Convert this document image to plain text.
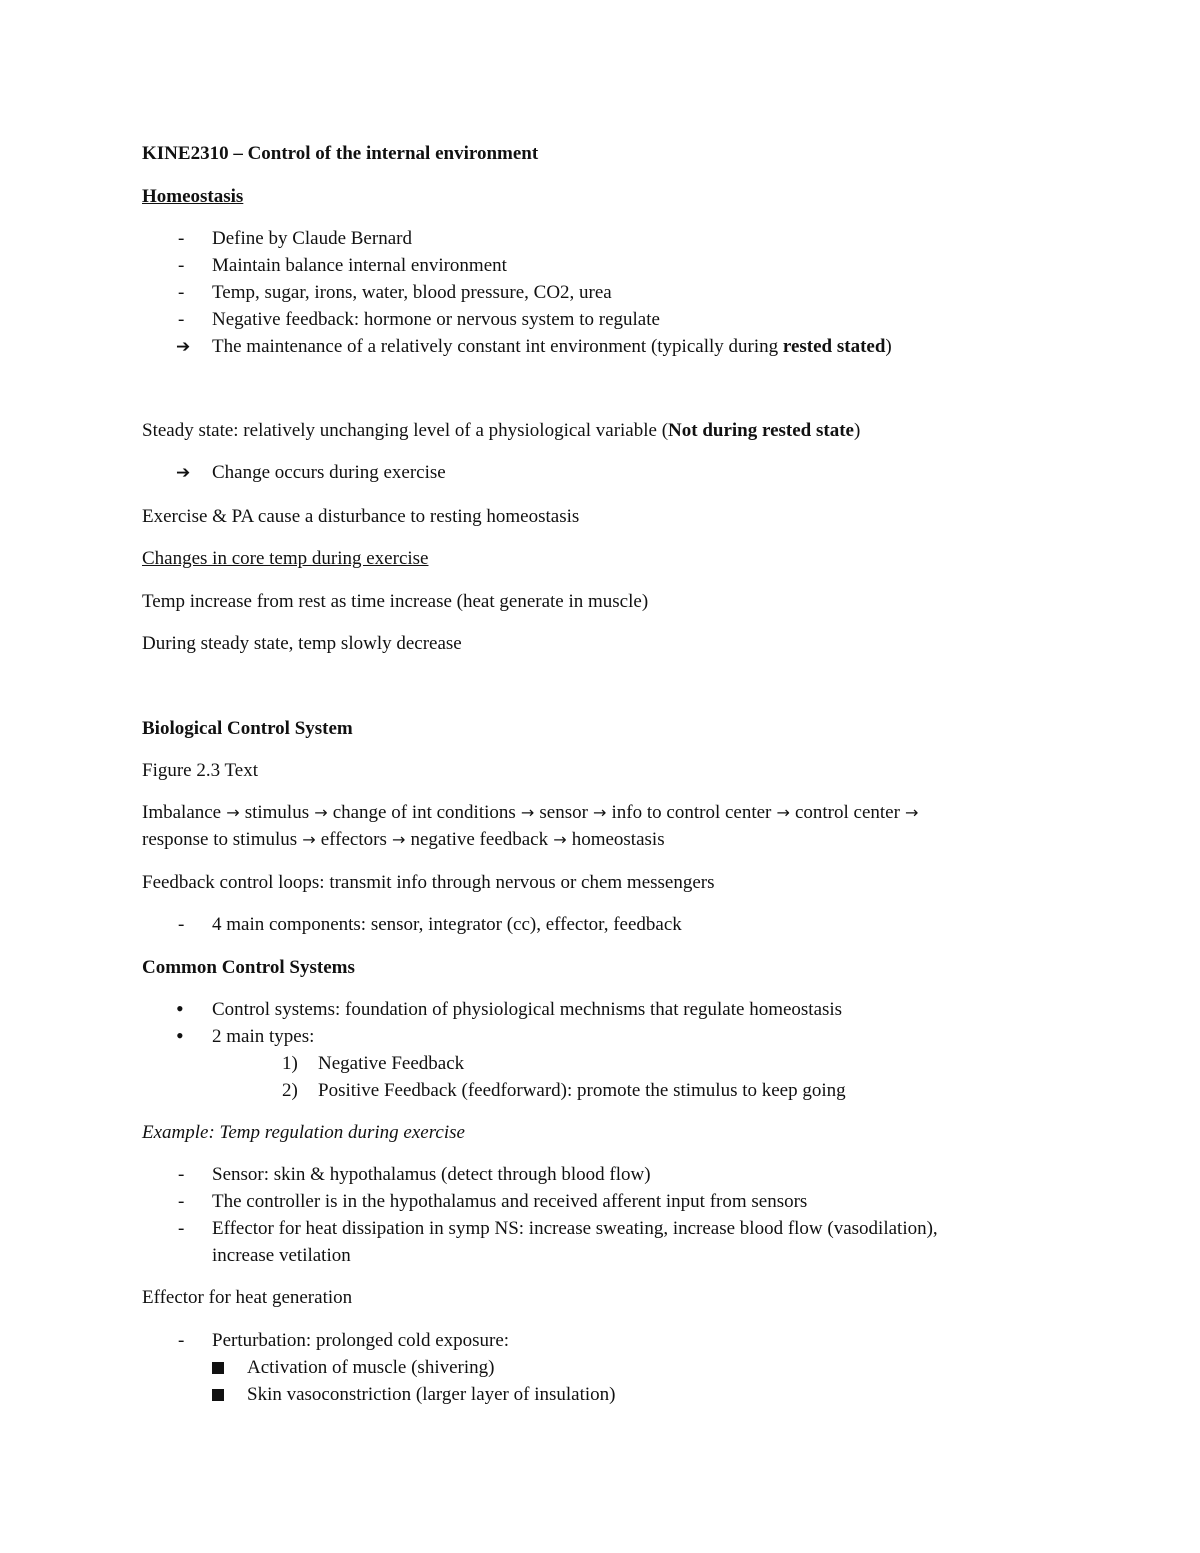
KINE2310 – Control of the internal environment
Homeostasis
- Define by Claude Bernard
- Maintain balance internal environment
- Temp, sugar, irons, water, blood pressure, CO2, urea
- Negative feedback: hormone or nervous system to regulate
➔ The maintenance of a relatively constant int environment (typically during rested stated)
Steady state: relatively unchanging level of a physiological variable (Not during rested state)
➔ Change occurs during exercise
Exercise & PA cause a disturbance to resting homeostasis
Changes in core temp during exercise
Temp increase from rest as time increase (heat generate in muscle)
During steady state, temp slowly decrease
Biological Control System
Figure 2.3 Text
Imbalance → stimulus → change of int conditions → sensor → info to control center → control center →
response to stimulus → effectors → negative feedback → homeostasis
Feedback control loops: transmit info through nervous or chem messengers
- 4 main components: sensor, integrator (cc), effector, feedback
Common Control Systems
• Control systems: foundation of physiological mechnisms that regulate homeostasis
• 2 main types:
1) Negative Feedback
2) Positive Feedback (feedforward): promote the stimulus to keep going
Example: Temp regulation during exercise
- Sensor: skin & hypothalamus (detect through blood flow)
- The controller is in the hypothalamus and received afferent input from sensors
- Effector for heat dissipation in symp NS: increase sweating, increase blood flow (vasodilation),
increase vetilation
Effector for heat generation
- Perturbation: prolonged cold exposure:
Activation of muscle (shivering)
Skin vasoconstriction (larger layer of insulation)
